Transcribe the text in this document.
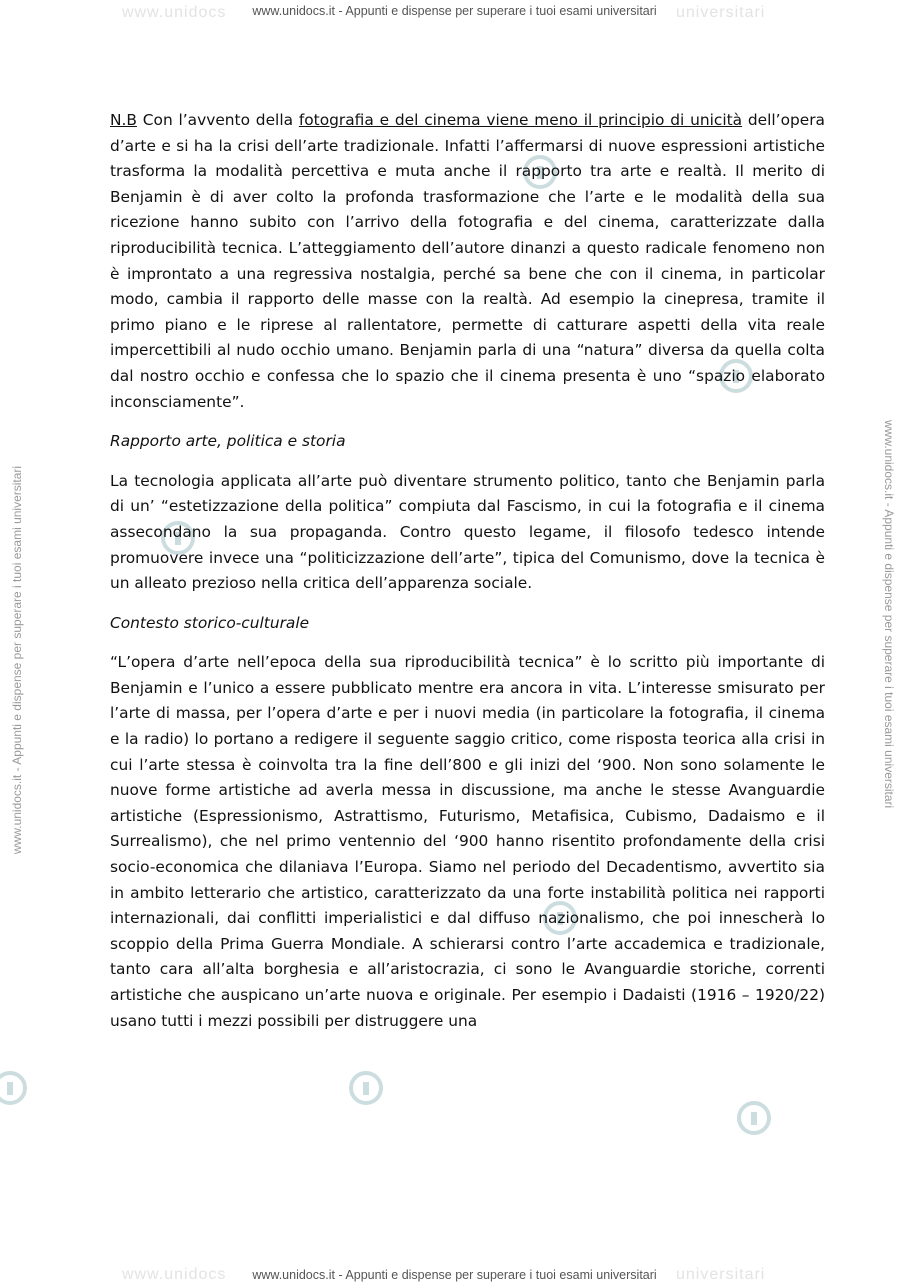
www.unidocs	universitari
www.unidocs	universitari
www.unidocs.it - Appunti e dispense per superare i tuoi esami universitari
www.unidocs.it - Appunti e dispense per superare i tuoi esami universitari
www.unidocs.it - Appunti e dispense per superare i tuoi esami universitari	www.unidocs.it - Appunti e dispense per superare i tuoi esami universitari

N.B Con l’avvento della fotografia e del cinema viene meno il principio di unicità dell’opera d’arte e si ha la crisi dell’arte tradizionale. Infatti l’affermarsi di nuove espressioni artistiche trasforma la modalità percettiva e muta anche il rapporto tra arte e realtà. Il merito di Benjamin è di aver colto la profonda trasformazione che l’arte e le modalità della sua ricezione hanno subito con l’arrivo della fotografia e del cinema, caratterizzate dalla riproducibilità tecnica. L’atteggiamento dell’autore dinanzi a questo radicale fenomeno non è improntato a una regressiva nostalgia, perché sa bene che con il cinema, in particolar modo, cambia il rapporto delle masse con la realtà. Ad esempio la cinepresa, tramite il primo piano e le riprese al rallentatore, permette di catturare aspetti della vita reale impercettibili al nudo occhio umano. Benjamin parla di una “natura” diversa da quella colta dal nostro occhio e confessa che lo spazio che il cinema presenta è uno “spazio elaborato inconsciamente”.

Rapporto arte, politica e storia

La tecnologia applicata all’arte può diventare strumento politico, tanto che Benjamin parla di un’ “estetizzazione della politica” compiuta dal Fascismo, in cui la fotografia e il cinema assecondano la sua propaganda. Contro questo legame, il filosofo tedesco intende promuovere invece una “politicizzazione dell’arte”, tipica del Comunismo, dove la tecnica è un alleato prezioso nella critica dell’apparenza sociale.

Contesto storico-culturale

“L’opera d’arte nell’epoca della sua riproducibilità tecnica” è lo scritto più importante di Benjamin e l’unico a essere pubblicato mentre era ancora in vita. L’interesse smisurato per l’arte di massa, per l’opera d’arte e per i nuovi media (in particolare la fotografia, il cinema e la radio) lo portano a redigere il seguente saggio critico, come risposta teorica alla crisi in cui l’arte stessa è coinvolta tra la fine dell’800 e gli inizi del ‘900. Non sono solamente le nuove forme artistiche ad averla messa in discussione, ma anche le stesse Avanguardie artistiche (Espressionismo, Astrattismo, Futurismo, Metafisica, Cubismo, Dadaismo e il Surrealismo), che nel primo ventennio del ‘900 hanno risentito profondamente della crisi socio-economica che dilaniava l’Europa. Siamo nel periodo del Decadentismo, avvertito sia in ambito letterario che artistico, caratterizzato da una forte instabilità politica nei rapporti internazionali, dai conflitti imperialistici e dal diffuso nazionalismo, che poi innescherà lo scoppio della Prima Guerra Mondiale. A schierarsi contro l’arte accademica e tradizionale, tanto cara all’alta borghesia e all’aristocrazia, ci sono le Avanguardie storiche, correnti artistiche che auspicano un’arte nuova e originale. Per esempio i Dadaisti (1916 – 1920/22) usano tutti i mezzi possibili per distruggere una
